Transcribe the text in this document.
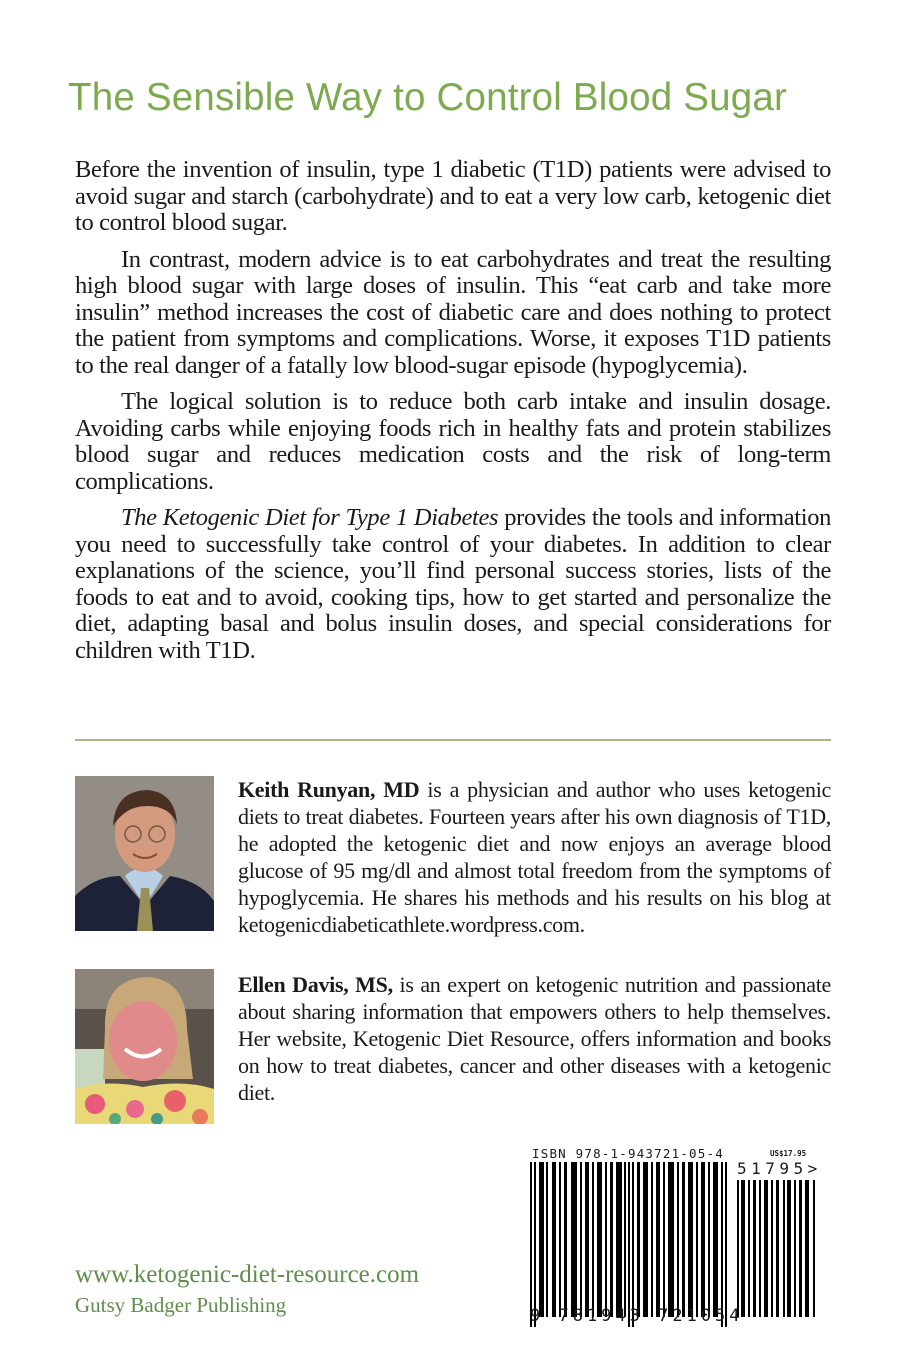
The Sensible Way to Control Blood Sugar

Before the invention of insulin, type 1 diabetic (T1D) patients were advised to avoid sugar and starch (carbohydrate) and to eat a very low carb, ketogenic diet to control blood sugar.

In contrast, modern advice is to eat carbohydrates and treat the resulting high blood sugar with large doses of insulin. This “eat carb and take more insulin” method increases the cost of diabetic care and does nothing to protect the patient from symptoms and complications. Worse, it exposes T1D patients to the real danger of a fatally low blood-sugar episode (hypoglycemia).

The logical solution is to reduce both carb intake and insulin dosage. Avoiding carbs while enjoying foods rich in healthy fats and protein stabilizes blood sugar and reduces medication costs and the risk of long-term complications.

The Ketogenic Diet for Type 1 Diabetes provides the tools and information you need to successfully take control of your diabetes. In addition to clear explanations of the science, you’ll find personal success stories, lists of the foods to eat and to avoid, cooking tips, how to get started and personalize the diet, adapting basal and bolus insulin doses, and special considerations for children with T1D.

Keith Runyan, MD is a physician and author who uses ketogenic diets to treat diabetes. Fourteen years after his own diagnosis of T1D, he adopted the ketogenic diet and now enjoys an average blood glucose of 95 mg/dl and almost total freedom from the symptoms of hypoglycemia. He shares his methods and his results on his blog at ketogenicdiabeticathlete.wordpress.com.
Ellen Davis, MS, is an expert on ketogenic nutrition and passionate about sharing information that empowers others to help themselves. Her website, Ketogenic Diet Resource, offers information and books on how to treat diabetes, cancer and other diseases with a ketogenic diet.
ISBN 978-1-943721-05-4	US$17.95
51795>
9 781943 721054
www.ketogenic-diet-resource.com
Gutsy Badger Publishing
